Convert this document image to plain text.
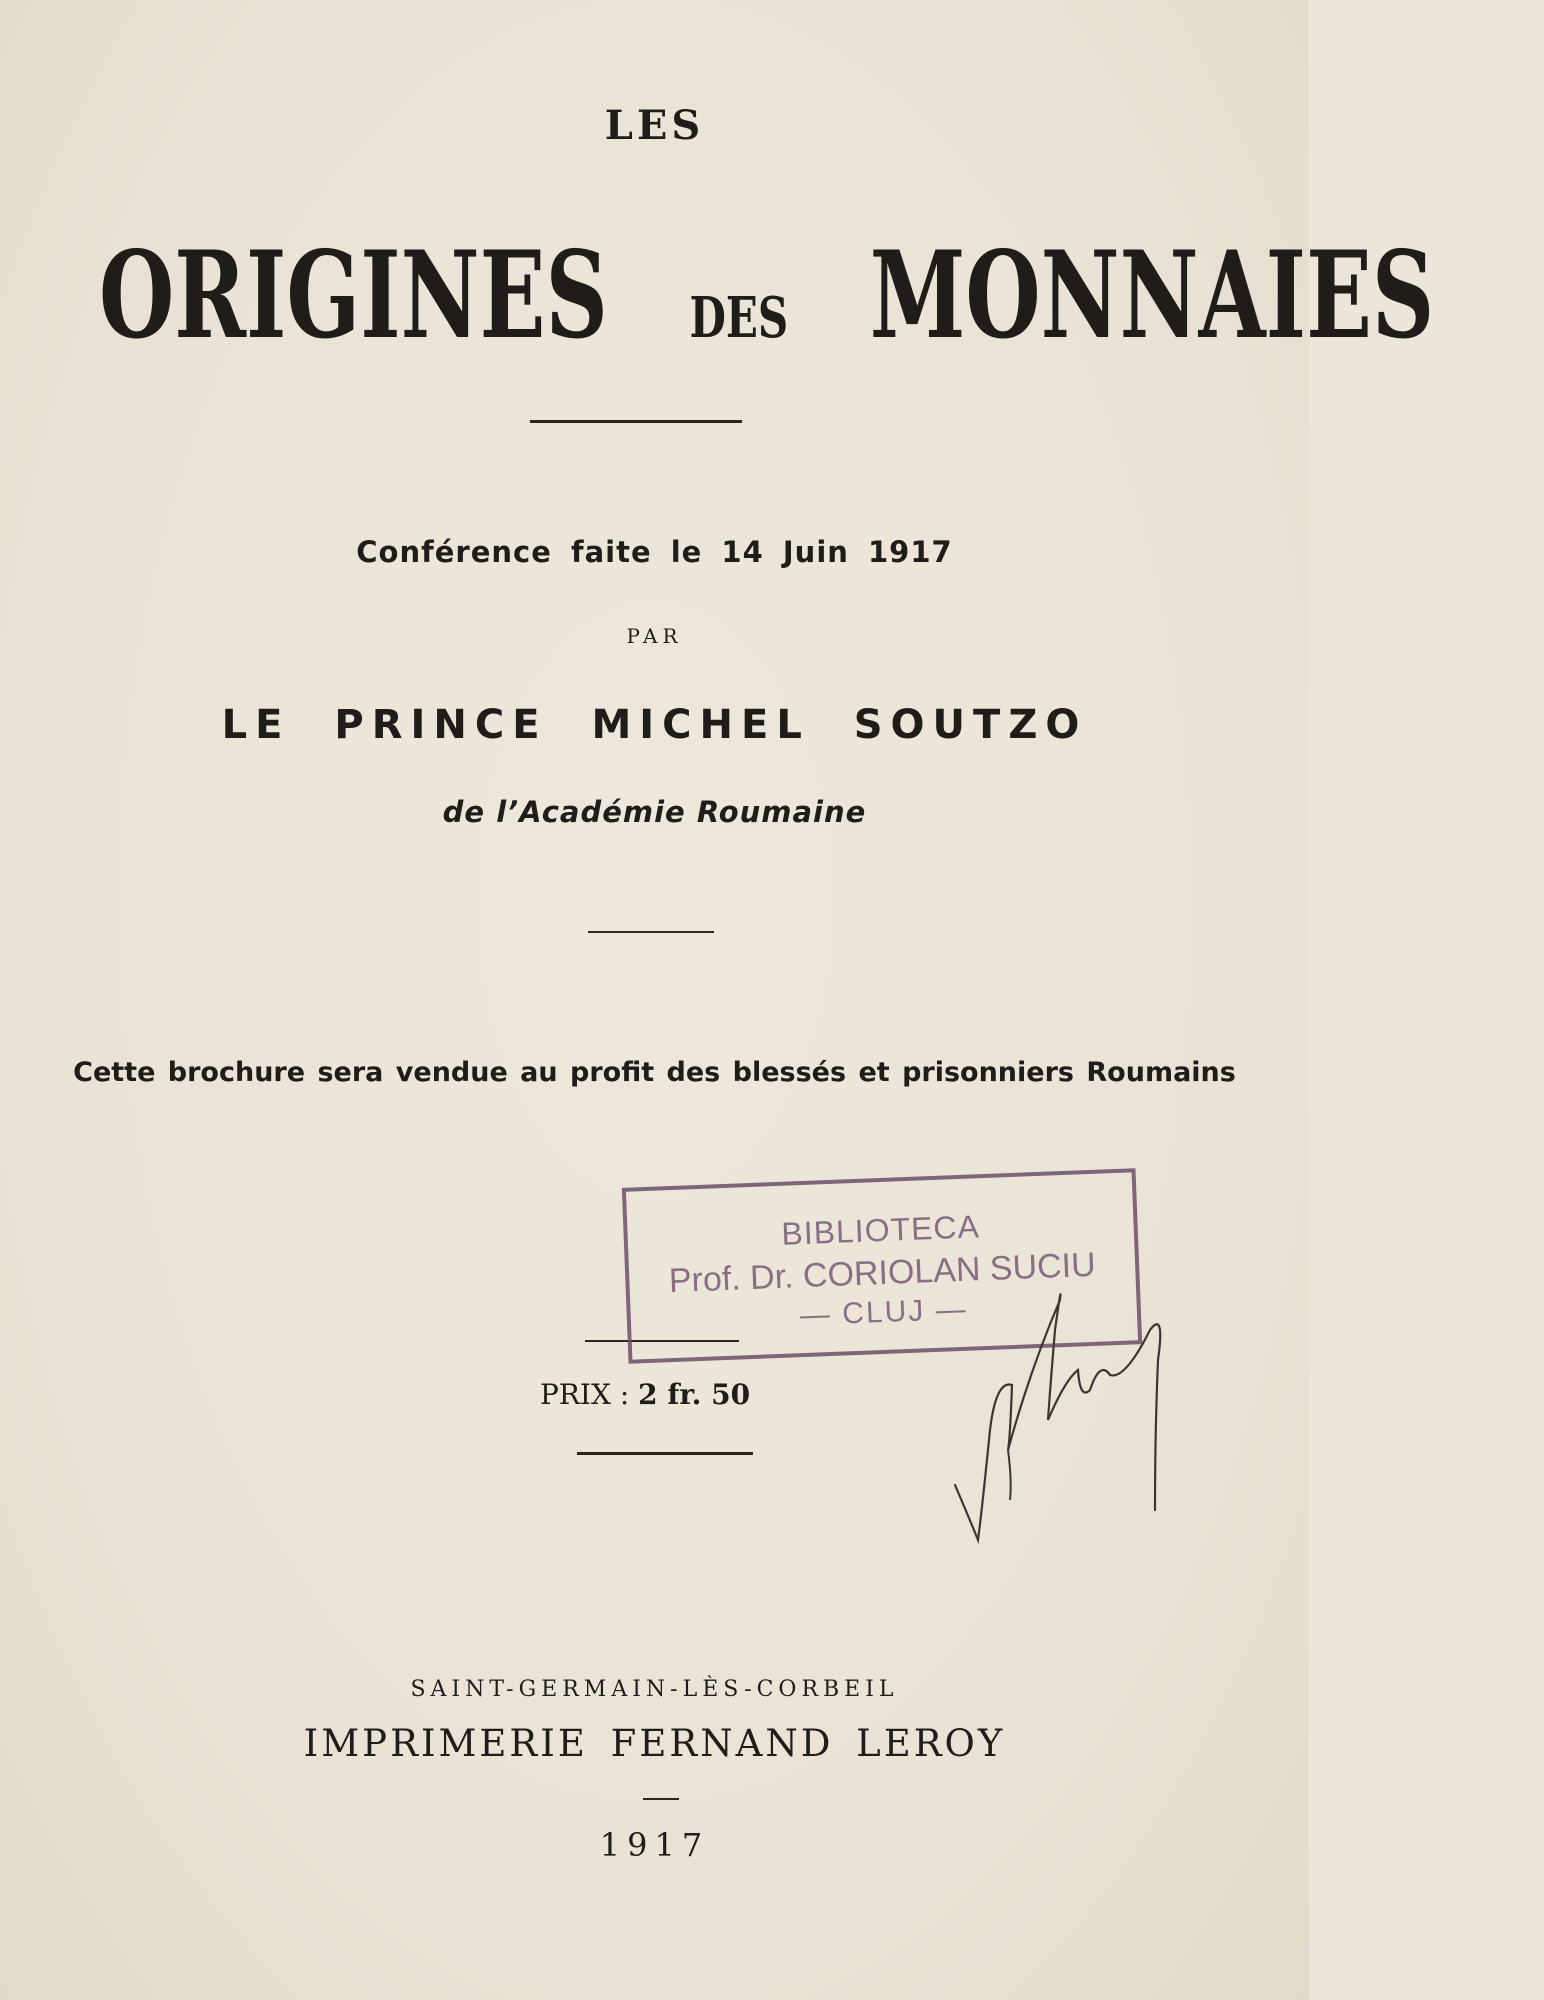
LES
ORIGINES DES MONNAIES
Conférence faite le 14 Juin 1917
PAR
LE PRINCE MICHEL SOUTZO
de l’Académie Roumaine
Cette brochure sera vendue au profit des blessés et prisonniers Roumains
PRIX : 2 fr. 50
BIBLIOTECA
Prof. Dr. CORIOLAN SUCIU
— CLUJ —
SAINT-GERMAIN-LÈS-CORBEIL
IMPRIMERIE FERNAND LEROY
1917
